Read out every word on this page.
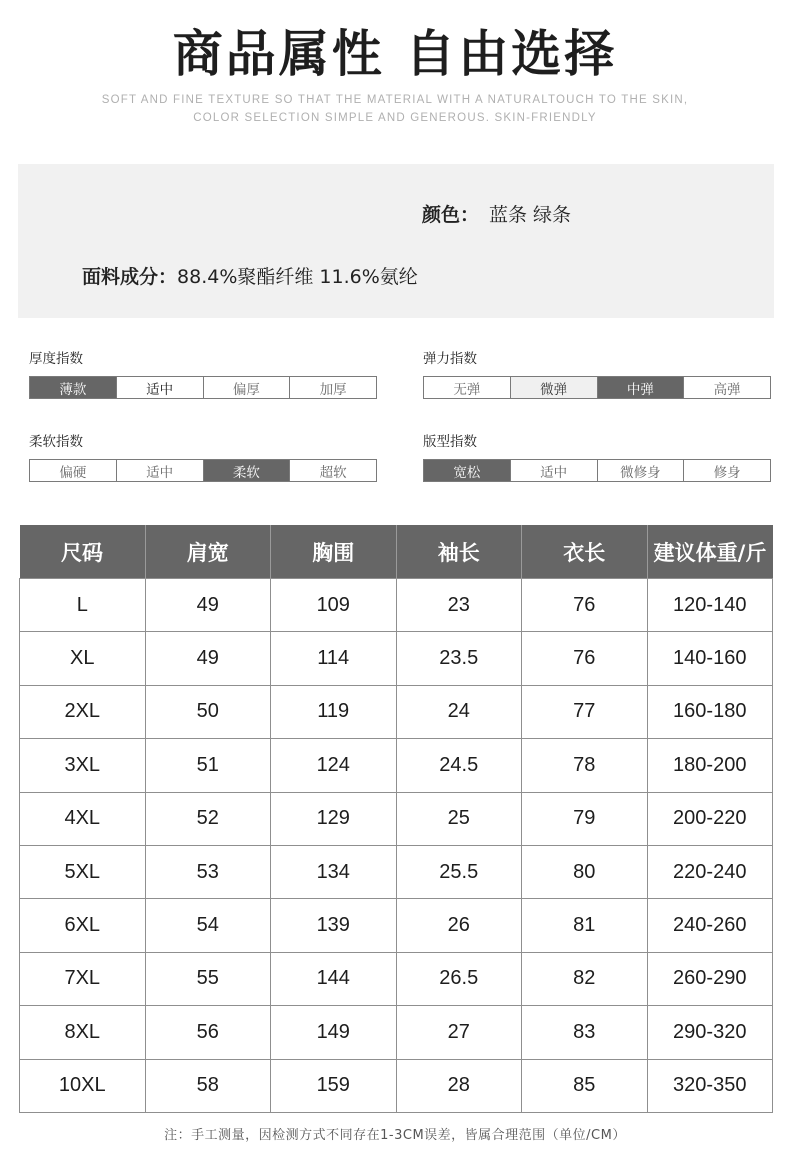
商品属性 自由选择
SOFT AND FINE TEXTURE SO THAT THE MATERIAL WITH A NATURALTOUCH TO THE SKIN,
COLOR SELECTION SIMPLE AND GENEROUS. SKIN-FRIENDLY
颜色： 蓝条 绿条
面料成分：88.4%聚酯纤维 11.6%氨纶
厚度指数
薄款	适中	偏厚	加厚
弹力指数
无弹	微弹	中弹	高弹
柔软指数
偏硬	适中	柔软	超软
版型指数
宽松	适中	微修身	修身
尺码	肩宽	胸围	袖长	衣长	建议体重/斤
L	49	109	23	76	120-140
XL	49	114	23.5	76	140-160
2XL	50	119	24	77	160-180
3XL	51	124	24.5	78	180-200
4XL	52	129	25	79	200-220
5XL	53	134	25.5	80	220-240
6XL	54	139	26	81	240-260
7XL	55	144	26.5	82	260-290
8XL	56	149	27	83	290-320
10XL	58	159	28	85	320-350
注：手工测量，因检测方式不同存在1-3CM误差，皆属合理范围（单位/CM）
